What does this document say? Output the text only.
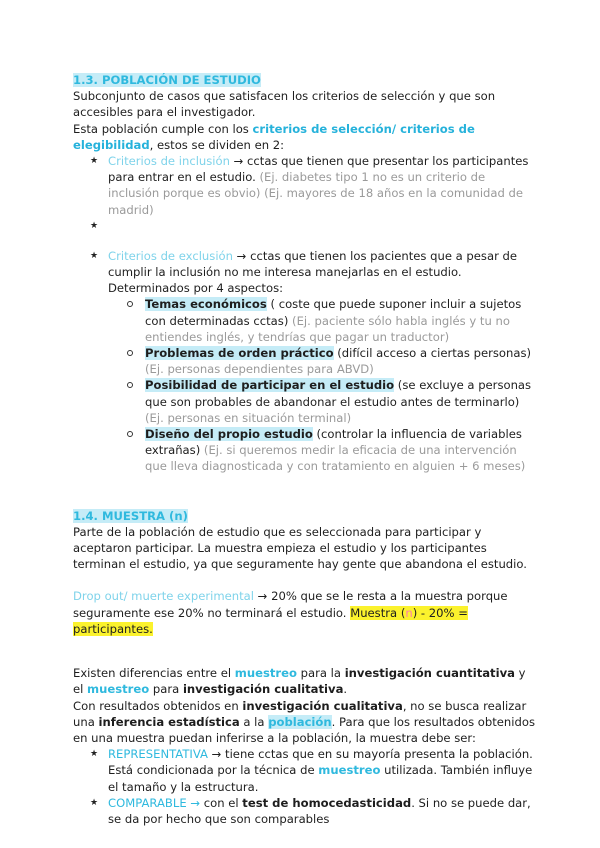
1.3. POBLACIÓN DE ESTUDIO

Subconjunto de casos que satisfacen los criterios de selección y que son accesibles para el investigador.

Esta población cumple con los criterios de selección/ criterios de elegibilidad, estos se dividen en 2:

★ Criterios de inclusión → cctas que tienen que presentar los participantes para entrar en el estudio. (Ej. diabetes tipo 1 no es un criterio de inclusión porque es obvio) (Ej. mayores de 18 años en la comunidad de madrid)
★
★ Criterios de exclusión → cctas que tienen los pacientes que a pesar de cumplir la inclusión no me interesa manejarlas en el estudio. Determinados por 4 aspectos:
Temas económicos ( coste que puede suponer incluir a sujetos con determinadas cctas) (Ej. paciente sólo habla inglés y tu no entiendes inglés, y tendrías que pagar un traductor)
Problemas de orden práctico (difícil acceso a ciertas personas) (Ej. personas dependientes para ABVD)
Posibilidad de participar en el estudio (se excluye a personas que son probables de abandonar el estudio antes de terminarlo) (Ej. personas en situación terminal)
Diseño del propio estudio (controlar la influencia de variables extrañas) (Ej. si queremos medir la eficacia de una intervención que lleva diagnosticada y con tratamiento en alguien + 6 meses)

1.4. MUESTRA (n)

Parte de la población de estudio que es seleccionada para participar y aceptaron participar. La muestra empieza el estudio y los participantes terminan el estudio, ya que seguramente hay gente que abandona el estudio.

Drop out/ muerte experimental → 20% que se le resta a la muestra porque seguramente ese 20% no terminará el estudio. Muestra (n) - 20% = participantes.

Existen diferencias entre el muestreo para la investigación cuantitativa y el muestreo para investigación cualitativa.

Con resultados obtenidos en investigación cualitativa, no se busca realizar una inferencia estadística a la población. Para que los resultados obtenidos en una muestra puedan inferirse a la población, la muestra debe ser:

★ REPRESENTATIVA → tiene cctas que en su mayoría presenta la población. Está condicionada por la técnica de muestreo utilizada. También influye el tamaño y la estructura.
★ COMPARABLE → con el test de homocedasticidad. Si no se puede dar, se da por hecho que son comparables
